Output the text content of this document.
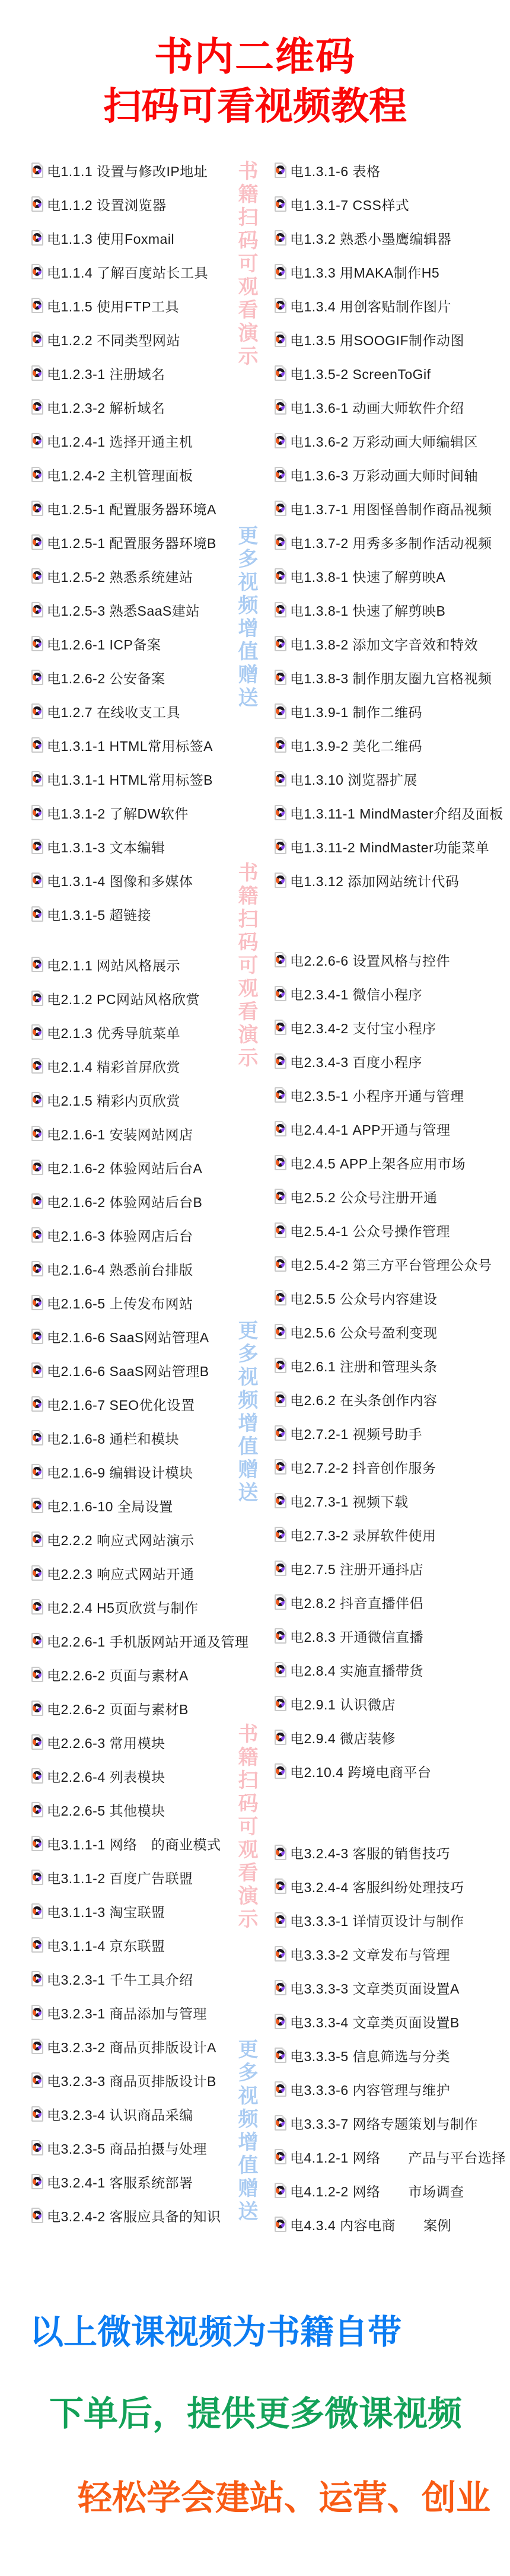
书内二维码
扫码可看视频教程
电1.1.1 设置与修改IP地址
电1.1.2 设置浏览器
电1.1.3 使用Foxmail
电1.1.4 了解百度站长工具
电1.1.5 使用FTP工具
电1.2.2 不同类型网站
电1.2.3-1 注册域名
电1.2.3-2 解析域名
电1.2.4-1 选择开通主机
电1.2.4-2 主机管理面板
电1.2.5-1 配置服务器环境A
电1.2.5-1 配置服务器环境B
电1.2.5-2 熟悉系统建站
电1.2.5-3 熟悉SaaS建站
电1.2.6-1 ICP备案
电1.2.6-2 公安备案
电1.2.7 在线收支工具
电1.3.1-1 HTML常用标签A
电1.3.1-1 HTML常用标签B
电1.3.1-2 了解DW软件
电1.3.1-3 文本编辑
电1.3.1-4 图像和多媒体
电1.3.1-5 超链接
电2.1.1 网站风格展示
电2.1.2 PC网站风格欣赏
电2.1.3 优秀导航菜单
电2.1.4 精彩首屏欣赏
电2.1.5 精彩内页欣赏
电2.1.6-1 安装网站网店
电2.1.6-2 体验网站后台A
电2.1.6-2 体验网站后台B
电2.1.6-3 体验网店后台
电2.1.6-4 熟悉前台排版
电2.1.6-5 上传发布网站
电2.1.6-6 SaaS网站管理A
电2.1.6-6 SaaS网站管理B
电2.1.6-7 SEO优化设置
电2.1.6-8 通栏和模块
电2.1.6-9 编辑设计模块
电2.1.6-10 全局设置
电2.2.2 响应式网站演示
电2.2.3 响应式网站开通
电2.2.4 H5页欣赏与制作
电2.2.6-1 手机版网站开通及管理
电2.2.6-2 页面与素材A
电2.2.6-2 页面与素材B
电2.2.6-3 常用模块
电2.2.6-4 列表模块
电2.2.6-5 其他模块
电3.1.1-1 网络　的商业模式
电3.1.1-2 百度广告联盟
电3.1.1-3 淘宝联盟
电3.1.1-4 京东联盟
电3.2.3-1 千牛工具介绍
电3.2.3-1 商品添加与管理
电3.2.3-2 商品页排版设计A
电3.2.3-3 商品页排版设计B
电3.2.3-4 认识商品采编
电3.2.3-5 商品拍摄与处理
电3.2.4-1 客服系统部署
电3.2.4-2 客服应具备的知识
电1.3.1-6 表格
电1.3.1-7 CSS样式
电1.3.2 熟悉小墨鹰编辑器
电1.3.3 用MAKA制作H5
电1.3.4 用创客贴制作图片
电1.3.5 用SOOGIF制作动图
电1.3.5-2 ScreenToGif
电1.3.6-1 动画大师软件介绍
电1.3.6-2 万彩动画大师编辑区
电1.3.6-3 万彩动画大师时间轴
电1.3.7-1 用图怪兽制作商品视频
电1.3.7-2 用秀多多制作活动视频
电1.3.8-1 快速了解剪映A
电1.3.8-1 快速了解剪映B
电1.3.8-2 添加文字音效和特效
电1.3.8-3 制作朋友圈九宫格视频
电1.3.9-1 制作二维码
电1.3.9-2 美化二维码
电1.3.10 浏览器扩展
电1.3.11-1 MindMaster介绍及面板
电1.3.11-2 MindMaster功能菜单
电1.3.12 添加网站统计代码
电2.2.6-6 设置风格与控件
电2.3.4-1 微信小程序
电2.3.4-2 支付宝小程序
电2.3.4-3 百度小程序
电2.3.5-1 小程序开通与管理
电2.4.4-1 APP开通与管理
电2.4.5 APP上架各应用市场
电2.5.2 公众号注册开通
电2.5.4-1 公众号操作管理
电2.5.4-2 第三方平台管理公众号
电2.5.5 公众号内容建设
电2.5.6 公众号盈利变现
电2.6.1 注册和管理头条
电2.6.2 在头条创作内容
电2.7.2-1 视频号助手
电2.7.2-2 抖音创作服务
电2.7.3-1 视频下载
电2.7.3-2 录屏软件使用
电2.7.5 注册开通抖店
电2.8.2 抖音直播伴侣
电2.8.3 开通微信直播
电2.8.4 实施直播带货
电2.9.1 认识微店
电2.9.4 微店装修
电2.10.4 跨境电商平台
电3.2.4-3 客服的销售技巧
电3.2.4-4 客服纠纷处理技巧
电3.3.3-1 详情页设计与制作
电3.3.3-2 文章发布与管理
电3.3.3-3 文章类页面设置A
电3.3.3-4 文章类页面设置B
电3.3.3-5 信息筛选与分类
电3.3.3-6 内容管理与维护
电3.3.3-7 网络专题策划与制作
电4.1.2-1 网络　　产品与平台选择
电4.1.2-2 网络　　市场调查
电4.3.4 内容电商　　案例
书籍扫码可观看演示
更多视频增值赠送
书籍扫码可观看演示
更多视频增值赠送
书籍扫码可观看演示
更多视频增值赠送
以上微课视频为书籍自带
下单后，提供更多微课视频
轻松学会建站、运营、创业
